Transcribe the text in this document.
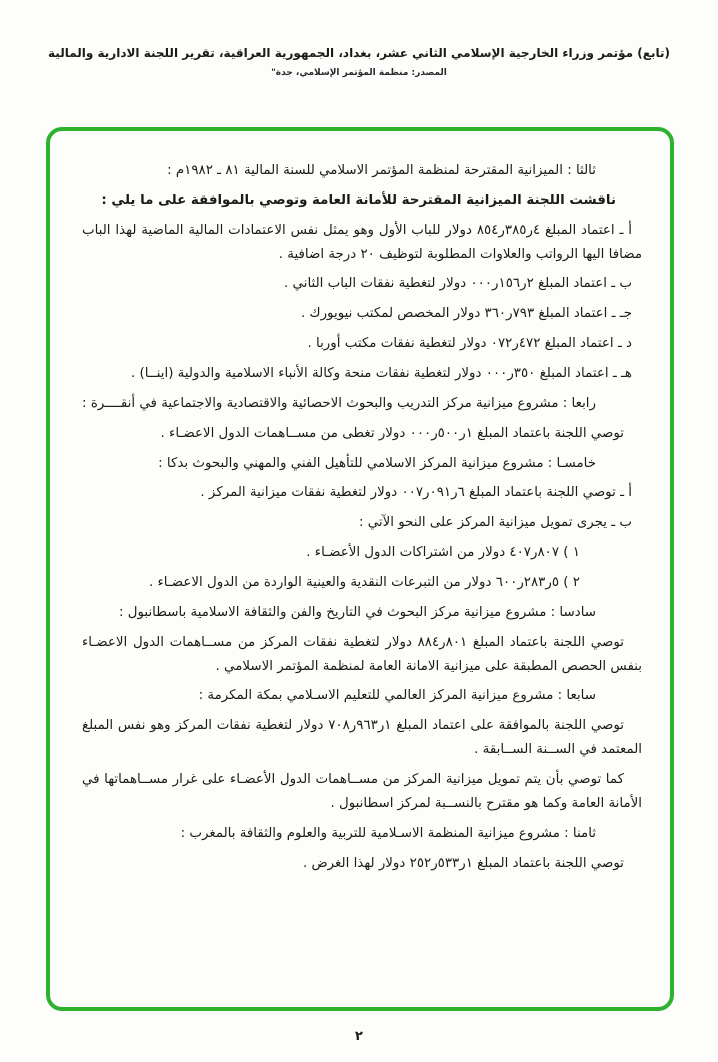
(تابع) مؤتمر وزراء الخارجية الإسلامي الثاني عشر، بغداد، الجمهورية العراقية، تقرير اللجنة الادارية والمالية
المصدر: منظمة المؤتمر الإسلامي، جدة"

ثالثا : الميزانية المقترحة لمنظمة المؤتمر الاسلامي للسنة المالية ٨١ ـ ١٩٨٢م :

ناقشت اللجنة الميزانية المقترحة للأمانة العامة وتوصي بالموافقة على ما يلي :

أ ـ اعتماد المبلغ ٤ر٣٨٥ر٨٥٤ دولار للباب الأول وهو يمثل نفس الاعتمادات المالية الماضية لهذا الباب مضافا اليها الرواتب والعلاوات المطلوبة لتوظيف ٢٠ درجة اضافية .

ب ـ اعتماد المبلغ ٢ر١٥٦ر٠٠٠ دولار لتغطية نفقات الباب الثاني .

جـ ـ اعتماد المبلغ ٧٩٣ر٣٦٠ دولار المخصص لمكتب نيويورك .

د ـ اعتماد المبلغ ٤٧٢ر٠٧٢ دولار لتغطية نفقات مكتب أوربا .

هـ ـ اعتماد المبلغ ٣٥٠ر٠٠٠ دولار لتغطية نفقات منحة وكالة الأنباء الاسلامية والدولية (اينــا) .

رابعا : مشروع ميزانية مركز التدريب والبحوث الاحصائية والاقتصادية والاجتماعية في أنقــــرة :

توصي اللجنة باعتماد المبلغ ١ر٥٠٠ر٠٠٠ دولار تغطى من مســاهمات الدول الاعضـاء .

خامسـا : مشروع ميزانية المركز الاسلامي للتأهيل الفني والمهني والبحوث بدكا :

أ ـ توصي اللجنة باعتماد المبلغ ٦ر٠٩١ر٠٠٧ دولار لتغطية نفقات ميزانية المركز .

ب ـ يجرى تمويل ميزانية المركز على النحو الآتي :

١ ) ٨٠٧ر٤٠٧ دولار من اشتراكات الدول الأعضـاء .

٢ ) ٥ر٢٨٣ر٦٠٠ دولار من التبرعات النقدية والعينية الواردة من الدول الاعضـاء .

سادسا : مشروع ميزانية مركز البحوث في التاريخ والفن والثقافة الاسلامية باسطانبول :

توصي اللجنة باعتماد المبلغ ٨٠١ر٨٨٤ دولار لتغطية نفقات المركز من مســاهمات الدول الاعضـاء بنفس الحصص المطبقة على ميزانية الامانة العامة لمنظمة المؤتمر الاسلامي .

سابعا : مشروع ميزانية المركز العالمي للتعليم الاسـلامي بمكة المكرمة :

توصي اللجنة بالموافقة على اعتماد المبلغ ١ر٩٦٣ر٧٠٨ دولار لتغطية نفقات المركز وهو نفس المبلغ المعتمد في الســنة الســابقة .

كما توصي بأن يتم تمويل ميزانية المركز من مســاهمات الدول الأعضـاء على غرار مســاهماتها في الأمانة العامة وكما هو مقترح بالنســبة لمركز اسطانبول .

ثامنا : مشروع ميزانية المنظمة الاسـلامية للتربية والعلوم والثقافة بالمغرب :

توصي اللجنة باعتماد المبلغ ١ر٥٣٣ر٢٥٢ دولار لهذا الغرض .

٢
